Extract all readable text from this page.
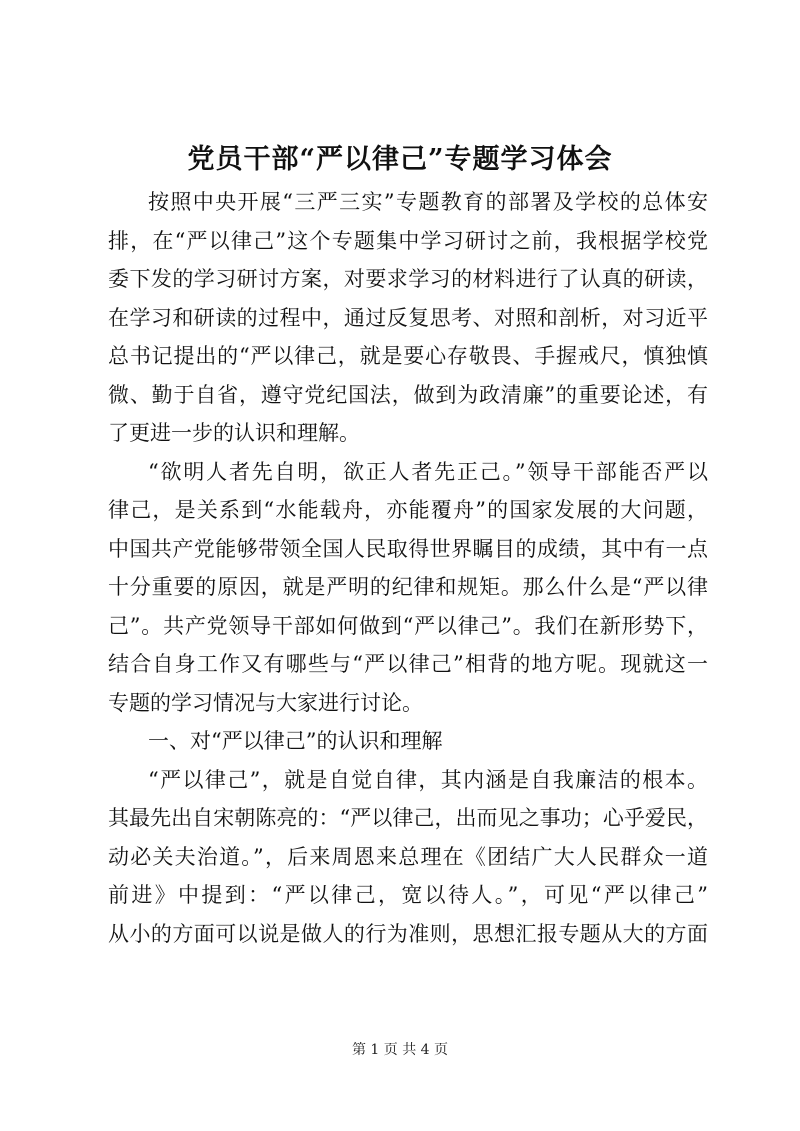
党员干部“严以律己”专题学习体会
按照中央开展“三严三实”专题教育的部署及学校的总体安
排，在“严以律己”这个专题集中学习研讨之前，我根据学校党
委下发的学习研讨方案，对要求学习的材料进行了认真的研读，
在学习和研读的过程中，通过反复思考、对照和剖析，对习近平
总书记提出的“严以律己，就是要心存敬畏、手握戒尺，慎独慎
微、勤于自省，遵守党纪国法，做到为政清廉”的重要论述，有
了更进一步的认识和理解。
“欲明人者先自明，欲正人者先正己。”领导干部能否严以
律己，是关系到“水能载舟，亦能覆舟”的国家发展的大问题，
中国共产党能够带领全国人民取得世界瞩目的成绩，其中有一点
十分重要的原因，就是严明的纪律和规矩。那么什么是“严以律
己”。共产党领导干部如何做到“严以律己”。我们在新形势下，
结合自身工作又有哪些与“严以律己”相背的地方呢。现就这一
专题的学习情况与大家进行讨论。
一、对“严以律己”的认识和理解
“严以律己”，就是自觉自律，其内涵是自我廉洁的根本。
其最先出自宋朝陈亮的：“严以律己，出而见之事功；心乎爱民，
动必关夫治道。”，后来周恩来总理在《团结广大人民群众一道
前进》中提到：“严以律己，宽以待人。”，可见“严以律己”
从小的方面可以说是做人的行为准则，思想汇报专题从大的方面
第 1 页 共 4 页
